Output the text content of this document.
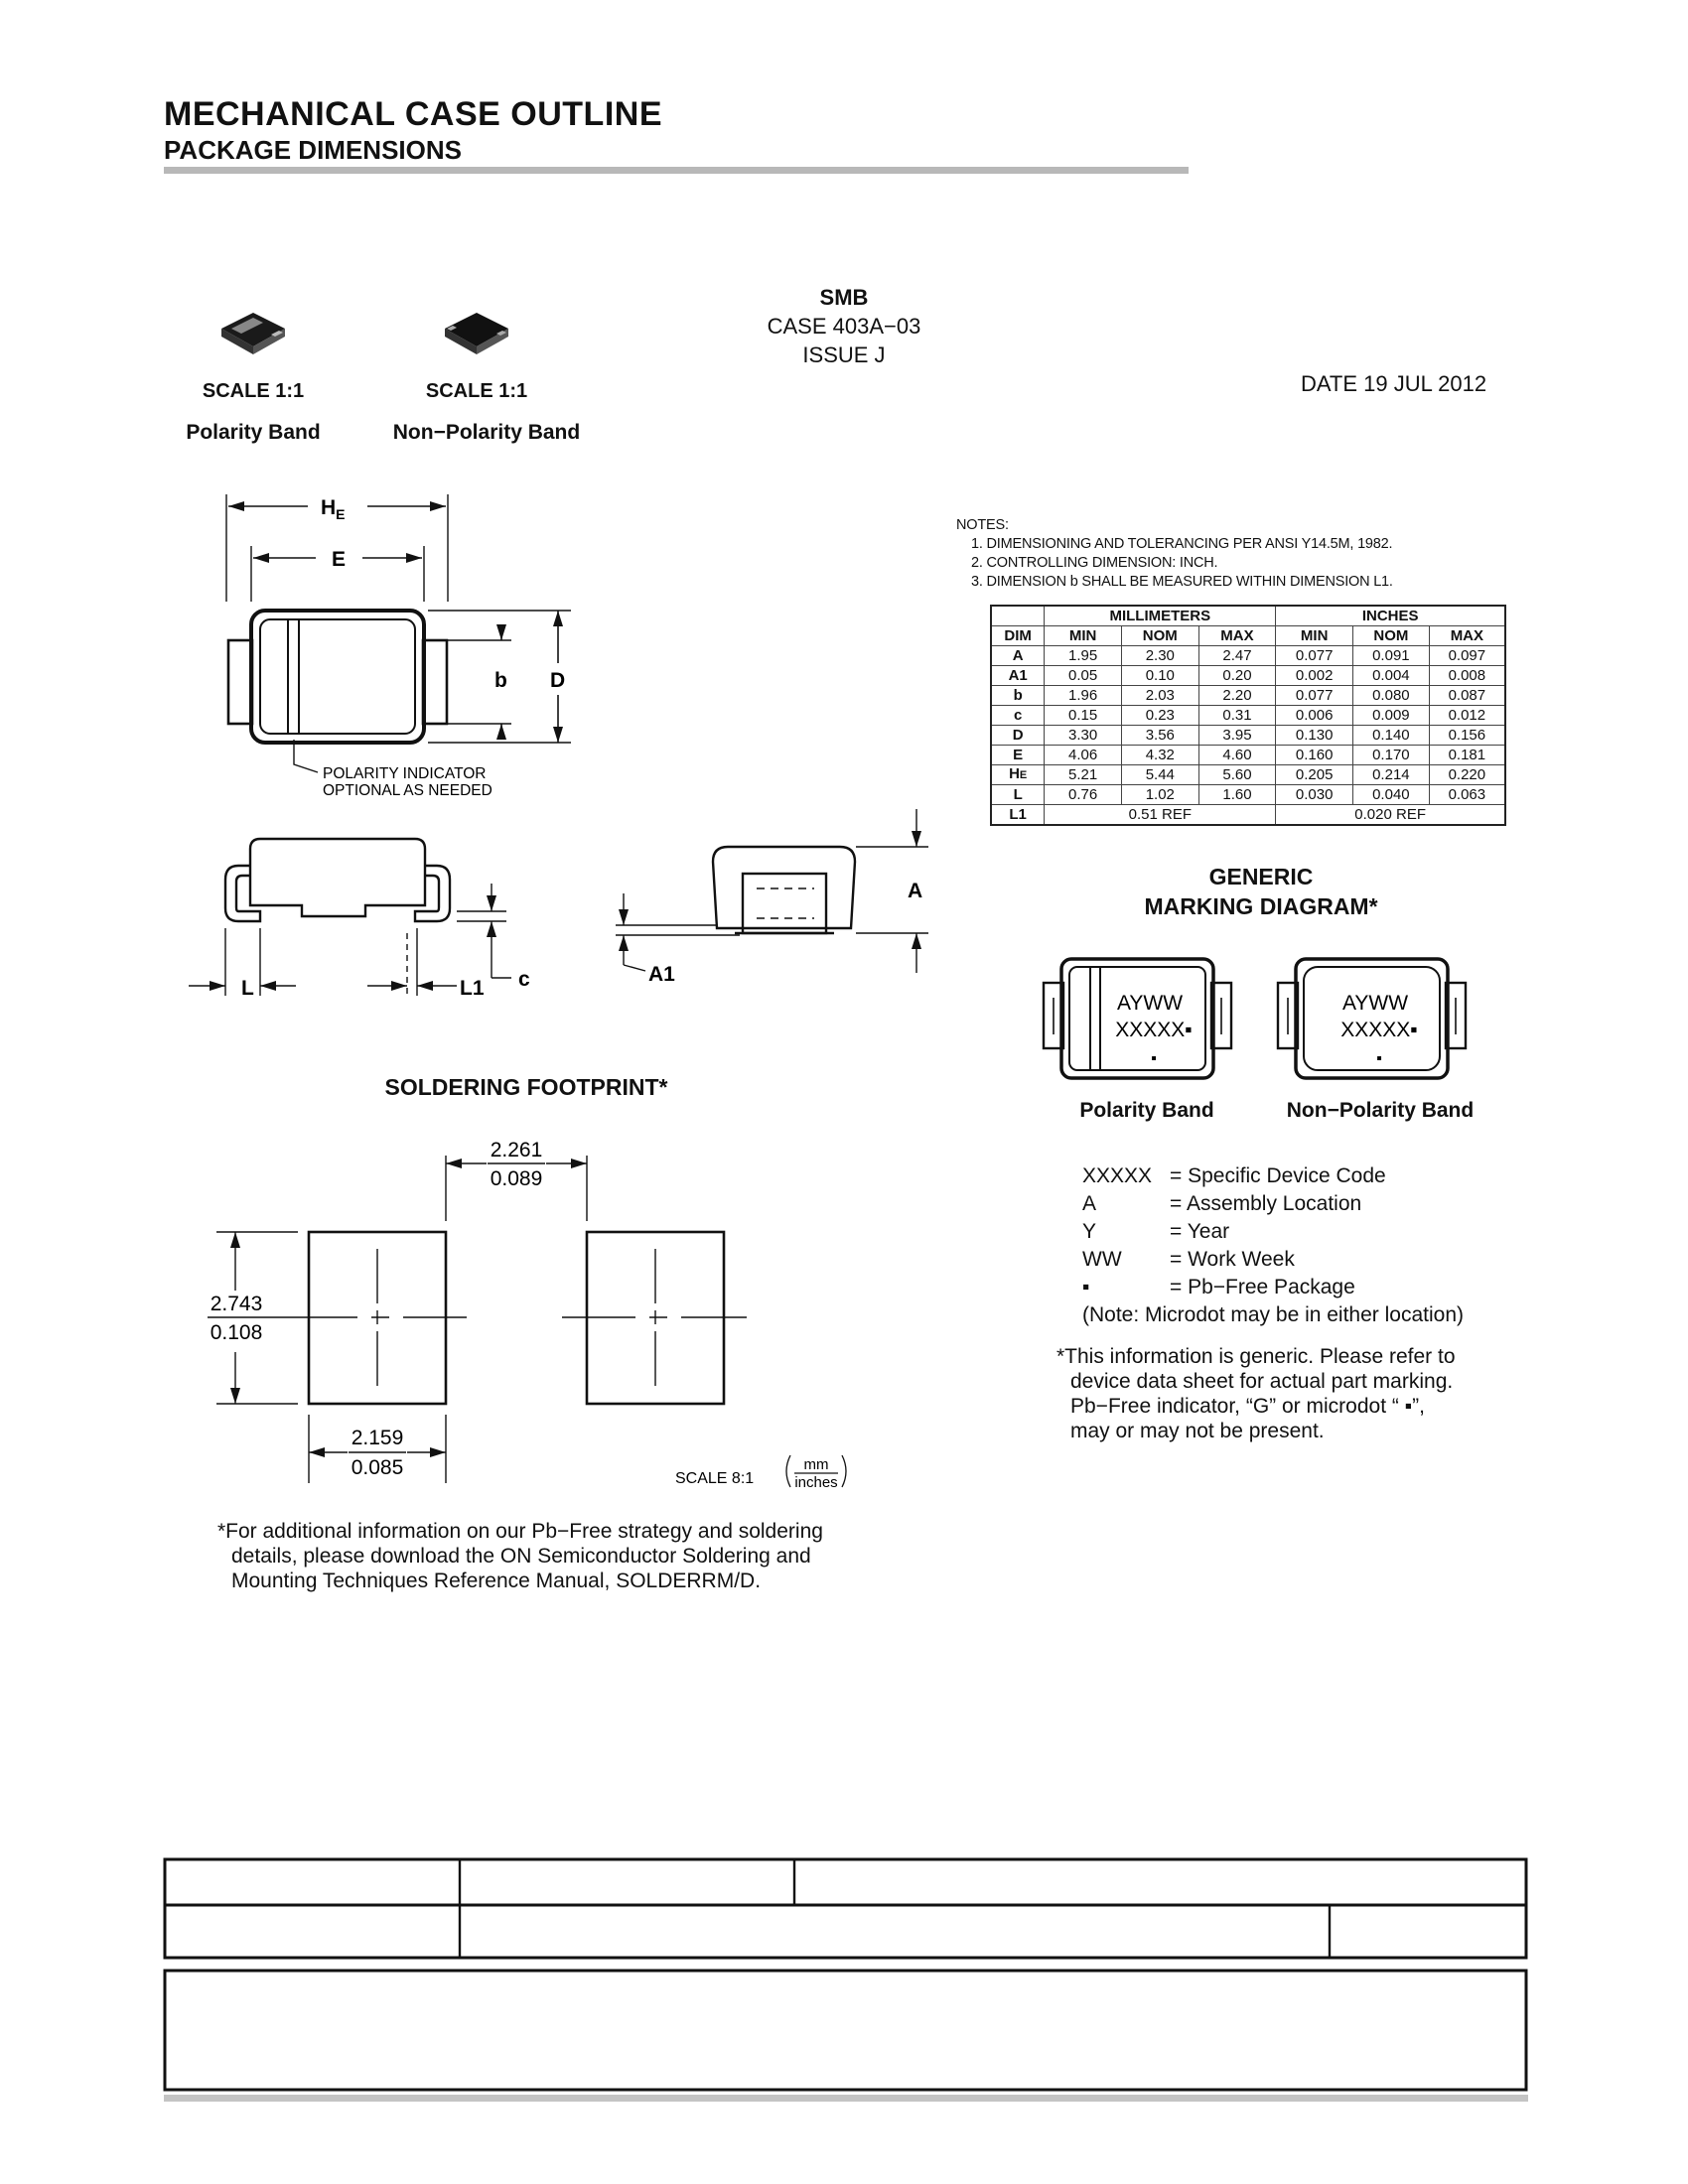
MECHANICAL CASE OUTLINE
PACKAGE DIMENSIONS
SMB
CASE 403A−03
ISSUE J
DATE 19 JUL 2012
SCALE 1:1	SCALE 1:1
Polarity Band	Non−Polarity Band
$H_E$
E
b D
POLARITY INDICATOR
OPTIONAL AS NEEDED
L	L1 c
A
A1
NOTES:
1. DIMENSIONING AND TOLERANCING PER ANSI Y14.5M, 1982.
2. CONTROLLING DIMENSION: INCH.
3. DIMENSION b SHALL BE MEASURED WITHIN DIMENSION L1.
	MILLIMETERS			INCHES		
DIM	MIN	NOM	MAX	MIN	NOM	MAX
A	1.95	2.30	2.47	0.077	0.091	0.097
A1	0.05	0.10	0.20	0.002	0.004	0.008
b	1.96	2.03	2.20	0.077	0.080	0.087
c	0.15	0.23	0.31	0.006	0.009	0.012
D	3.30	3.56	3.95	0.130	0.140	0.156
E	4.06	4.32	4.60	0.160	0.170	0.181
HE	5.21	5.44	5.60	0.205	0.214	0.220
L	0.76	1.02	1.60	0.030	0.040	0.063
L1	0.51 REF			0.020 REF		
GENERIC
MARKING DIAGRAM*
AYWW
XXXXX▪
▪
AYWW
XXXXX▪
▪
Polarity Band	Non−Polarity Band
XXXXX = Specific Device Code
A	= Assembly Location
Y	= Year
WW = Work Week
▪	= Pb−Free Package
(Note: Microdot may be in either location)
*This information is generic. Please refer to
device data sheet for actual part marking.
Pb−Free indicator, “G” or microdot “ ▪”,
may or may not be present.
SOLDERING FOOTPRINT*
2.261
0.089
2.743
0.108
2.159
0.085	SCALE 8:1
mm
inches
*For additional information on our Pb−Free strategy and soldering
details, please download the ON Semiconductor Soldering and
Mounting Techniques Reference Manual, SOLDERRM/D.
